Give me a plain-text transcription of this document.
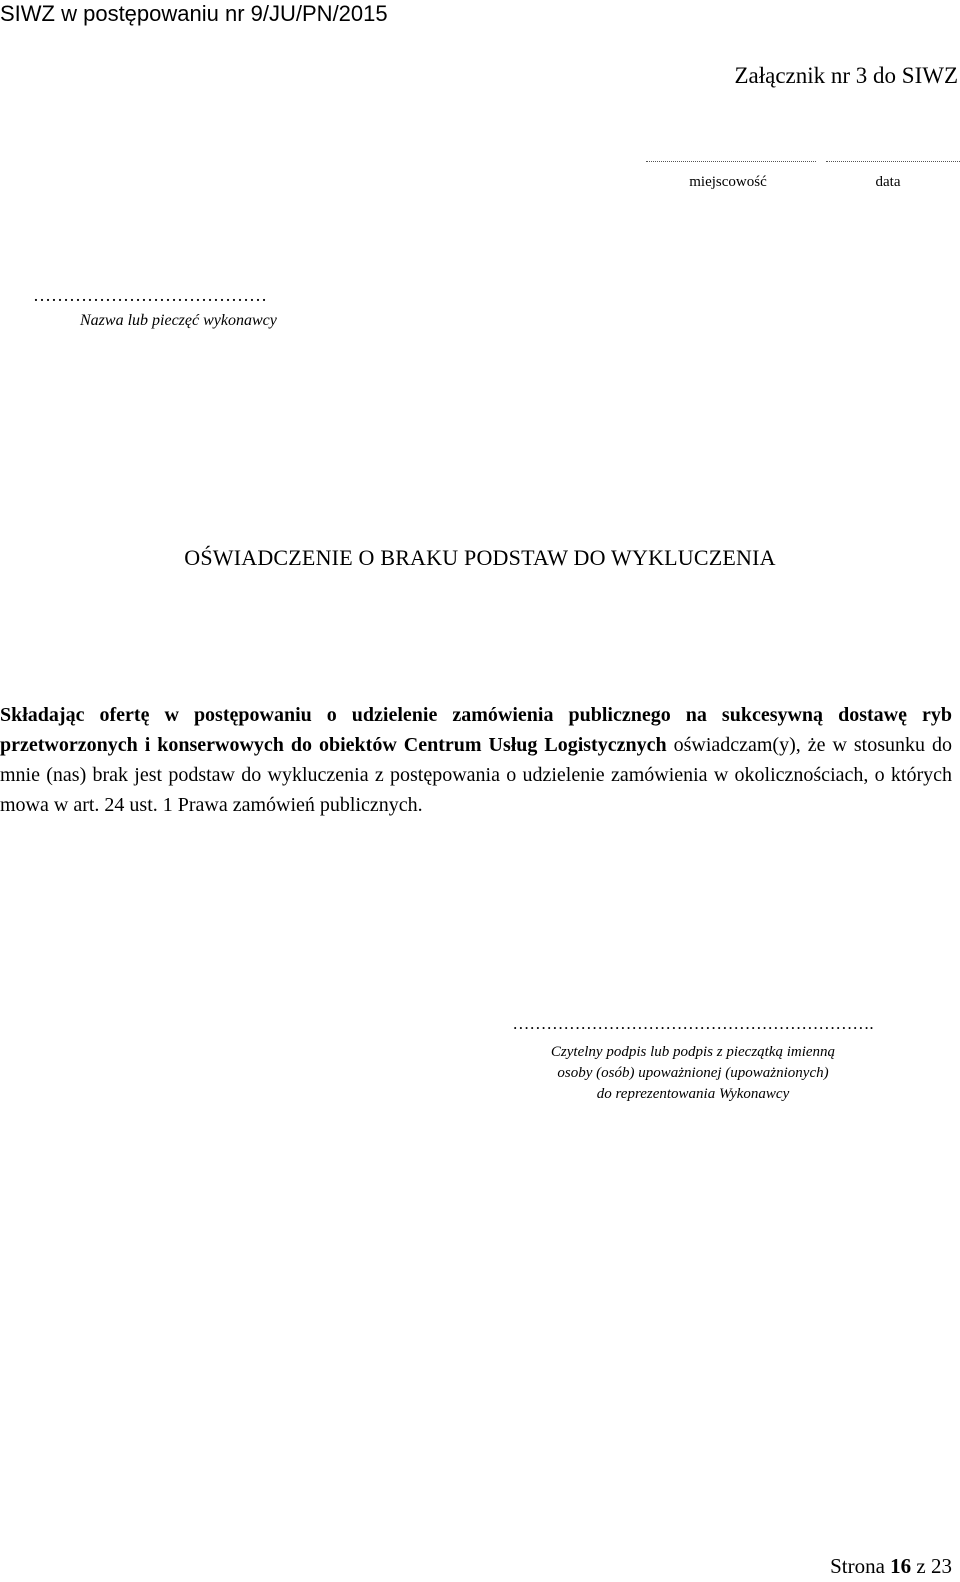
SIWZ w postępowaniu nr 9/JU/PN/2015
Załącznik nr 3 do SIWZ
miejscowość	data
…………………………………
Nazwa lub pieczęć wykonawcy
OŚWIADCZENIE O BRAKU PODSTAW DO WYKLUCZENIA
Składając ofertę w postępowaniu o udzielenie zamówienia publicznego na sukcesywną dostawę ryb przetworzonych i konserwowych do obiektów Centrum Usług Logistycznych oświadczam(y), że w stosunku do mnie (nas) brak jest podstaw do wykluczenia z postępowania o udzielenie zamówienia w okolicznościach, o których mowa w art. 24 ust. 1 Prawa zamówień publicznych.
……………………………………………………….
Czytelny podpis lub podpis z pieczątką imienną
osoby (osób) upoważnionej (upoważnionych)
do reprezentowania Wykonawcy
Strona 16 z 23
